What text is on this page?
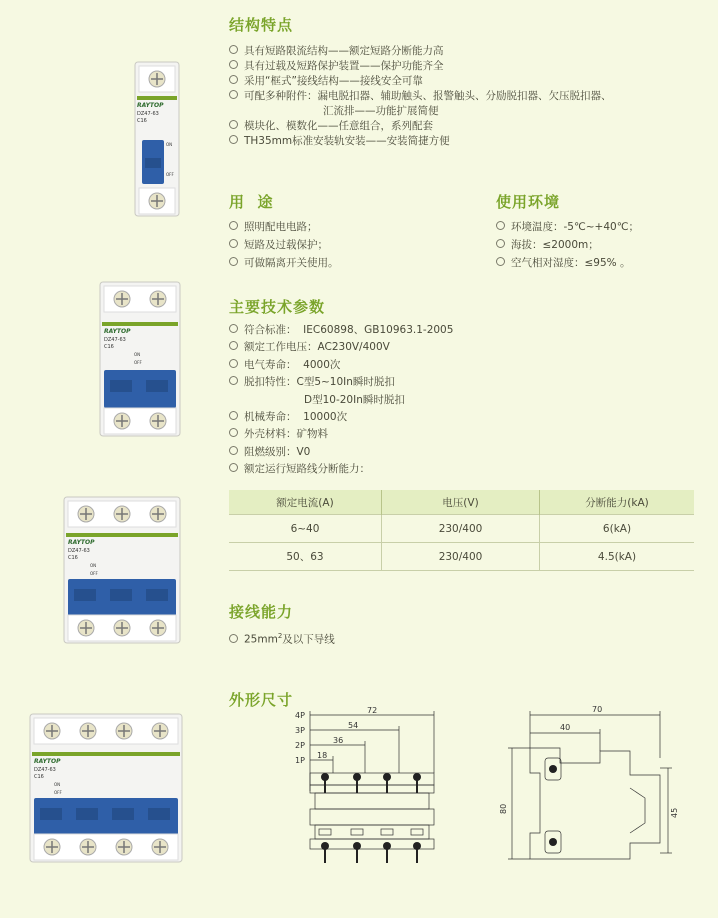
RAYTOP
DZ47-63
C16
ON
OFF
RAYTOP
DZ47-63
C16
ON
OFF
RAYTOP
DZ47-63
C16
ON
OFF
RAYTOP
DZ47-63
C16
ON
OFF
结构特点
具有短路限流结构——额定短路分断能力高
具有过载及短路保护装置——保护功能齐全
采用“框式”接线结构——接线安全可靠
可配多种附件：漏电脱扣器、辅助触头、报警触头、分励脱扣器、欠压脱扣器、
汇流排——功能扩展简便
模块化、模数化——任意组合，系列配套
TH35mm标准安装轨安装——安装简捷方便
用  途
照明配电电路；
短路及过载保护；
可做隔离开关使用。
使用环境
环境温度：-5℃~+40℃；
海拔：≤2000m；
空气相对湿度：≤95% 。
主要技术参数
符合标准：  IEC60898、GB10963.1-2005
额定工作电压：AC230V/400V
电气寿命：  4000次
脱扣特性：C型5~10In瞬时脱扣
D型10-20In瞬时脱扣
机械寿命：  10000次
外壳材料：矿物料
阻燃级别：V0
额定运行短路线分断能力：
额定电流(A)	电压(V)	分断能力(kA)
6~40	230/400	6(kA)
50、63	230/400	4.5(kA)
接线能力
$25mm^2$及以下导线
外形尺寸
4P
3P
2P
1P
72
54
36
18
70
40
80	45
